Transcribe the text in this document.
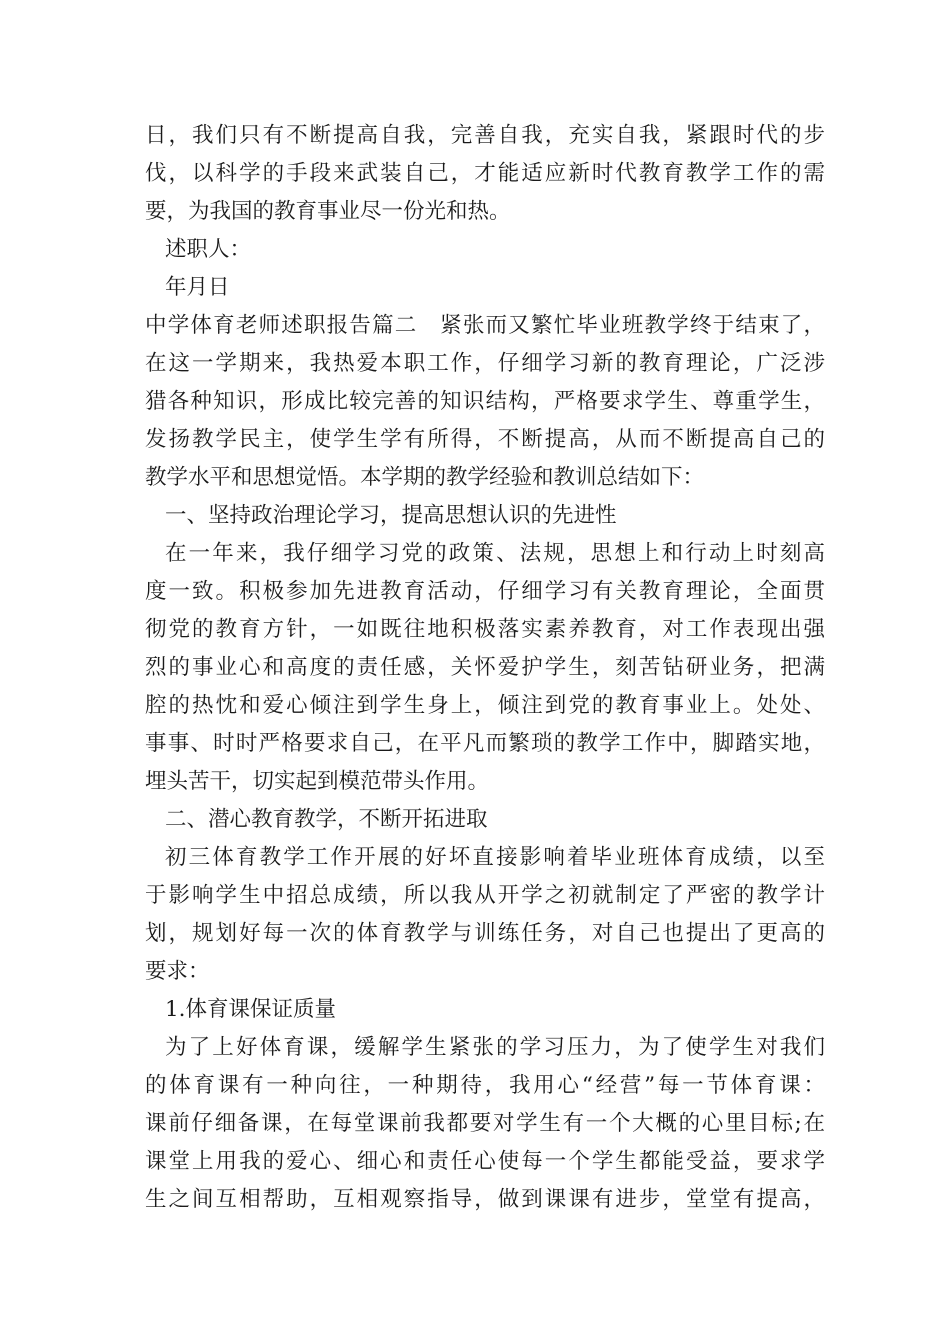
日，我们只有不断提高自我，完善自我，充实自我，紧跟时代的步
伐，以科学的手段来武装自己，才能适应新时代教育教学工作的需
要，为我国的教育事业尽一份光和热。
述职人：
年月日
中学体育老师述职报告篇二　紧张而又繁忙毕业班教学终于结束了，
在这一学期来，我热爱本职工作，仔细学习新的教育理论，广泛涉
猎各种知识，形成比较完善的知识结构，严格要求学生、尊重学生，
发扬教学民主，使学生学有所得，不断提高，从而不断提高自己的
教学水平和思想觉悟。本学期的教学经验和教训总结如下：
一、坚持政治理论学习，提高思想认识的先进性
在一年来，我仔细学习党的政策、法规，思想上和行动上时刻高
度一致。积极参加先进教育活动，仔细学习有关教育理论，全面贯
彻党的教育方针，一如既往地积极落实素养教育，对工作表现出强
烈的事业心和高度的责任感，关怀爱护学生，刻苦钻研业务，把满
腔的热忱和爱心倾注到学生身上，倾注到党的教育事业上。处处、
事事、时时严格要求自己，在平凡而繁琐的教学工作中，脚踏实地，
埋头苦干，切实起到模范带头作用。
二、潜心教育教学，不断开拓进取
初三体育教学工作开展的好坏直接影响着毕业班体育成绩，以至
于影响学生中招总成绩，所以我从开学之初就制定了严密的教学计
划，规划好每一次的体育教学与训练任务，对自己也提出了更高的
要求：
1.体育课保证质量
为了上好体育课，缓解学生紧张的学习压力，为了使学生对我们
的体育课有一种向往，一种期待，我用心“经营”每一节体育课：
课前仔细备课，在每堂课前我都要对学生有一个大概的心里目标;在
课堂上用我的爱心、细心和责任心使每一个学生都能受益，要求学
生之间互相帮助，互相观察指导，做到课课有进步，堂堂有提高，
